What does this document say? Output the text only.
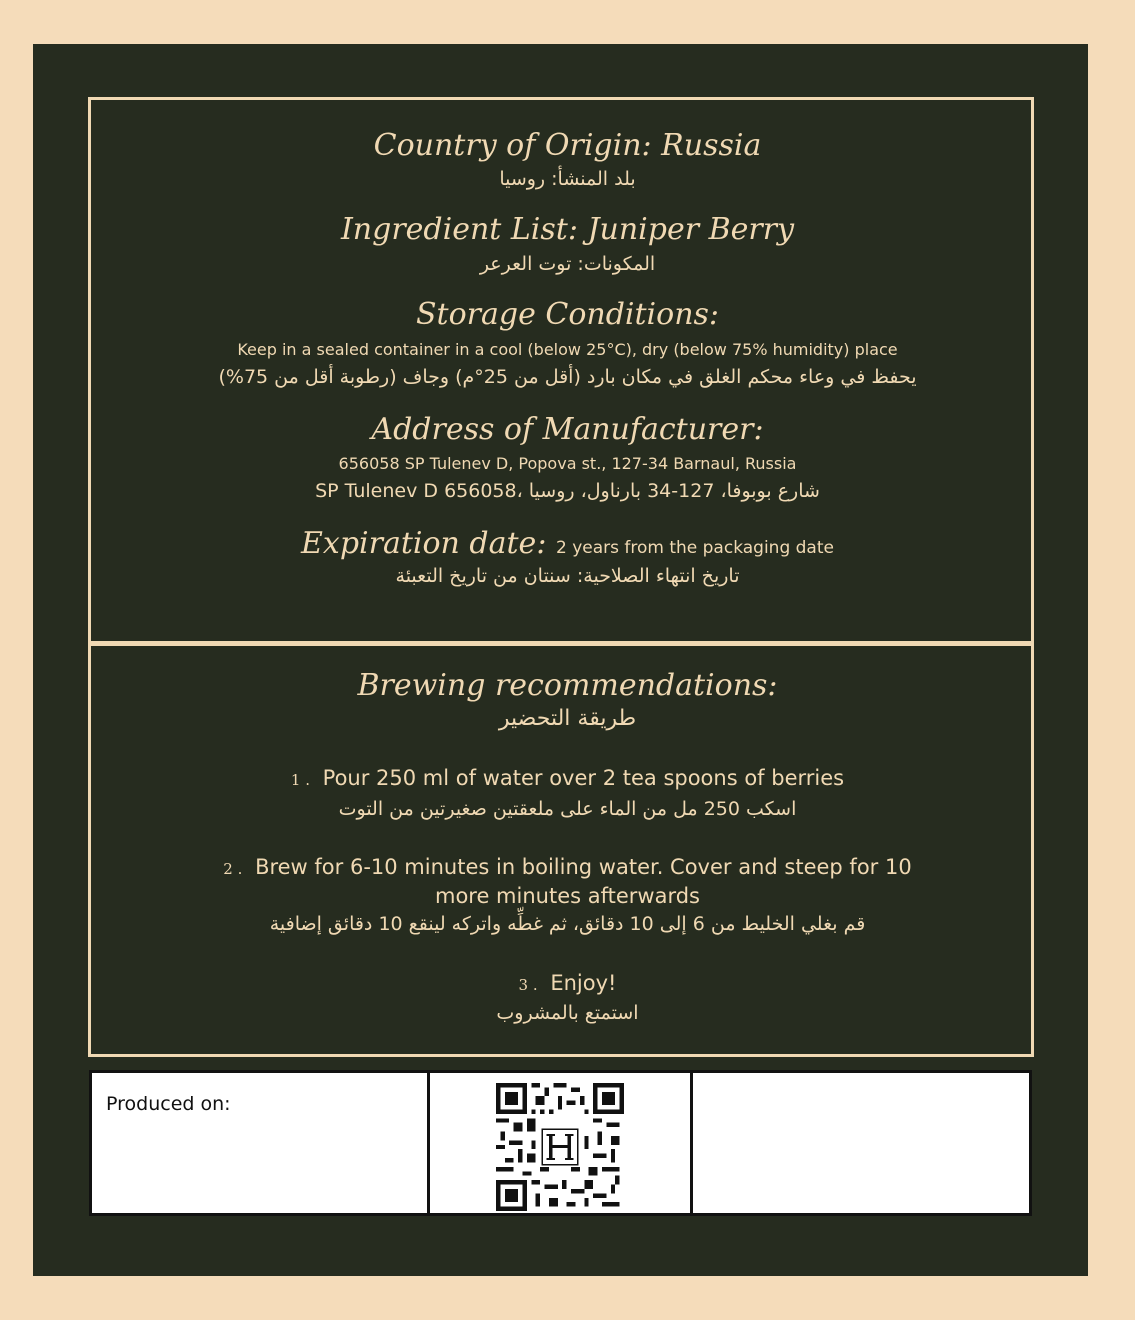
Country of Origin: Russia
بلد المنشأ: روسيا
Ingredient List: Juniper Berry
المكونات: توت العرعر
Storage Conditions:
Keep in a sealed container in a cool (below 25°C), dry (below 75% humidity) place
يحفظ في وعاء محكم الغلق في مكان بارد (أقل من 25°م) وجاف (رطوبة أقل من 75%)
Address of Manufacturer:
656058 SP Tulenev D, Popova st., 127-34 Barnaul, Russia
شارع بوبوفا، 127-34 بارناول، روسيا ،656058 SP Tulenev D
Expiration date: 2 years from the packaging date
تاريخ انتهاء الصلاحية: سنتان من تاريخ التعبئة
Brewing recommendations:
طريقة التحضير
1 . Pour 250 ml of water over 2 tea spoons of berries
اسكب 250 مل من الماء على ملعقتين صغيرتين من التوت
2 . Brew for 6-10 minutes in boiling water. Cover and steep for 10
more minutes afterwards
قم بغلي الخليط من 6 إلى 10 دقائق، ثم غطِّه واتركه لينقع 10 دقائق إضافية
3 . Enjoy!
استمتع بالمشروب
Produced on:
